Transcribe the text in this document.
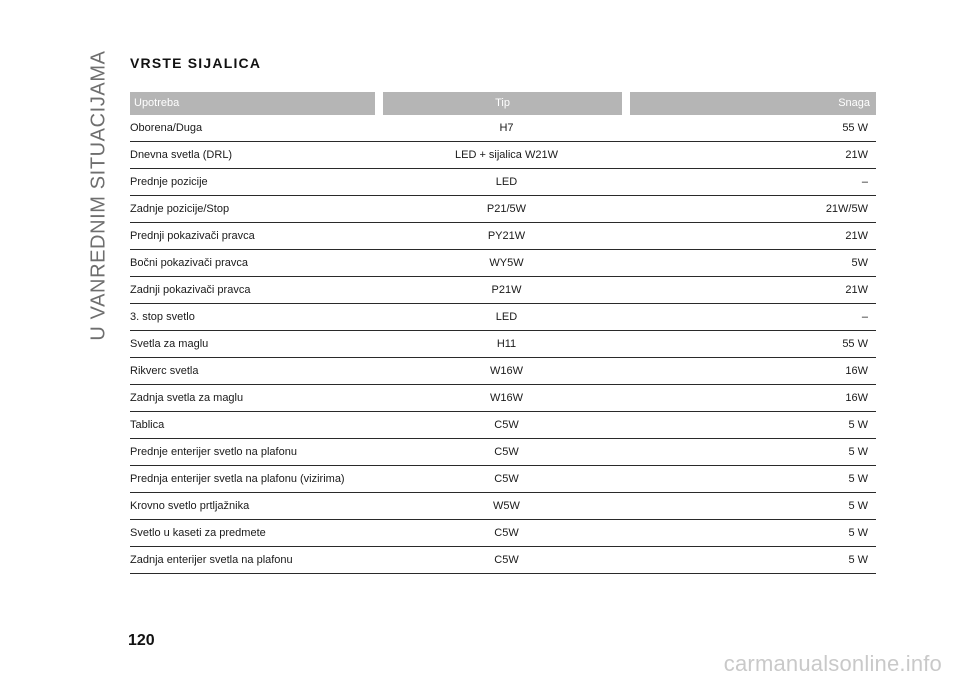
U VANREDNIM SITUACIJAMA VRSTE SIJALICA
Upotreba	Tip	Snaga
Oborena/Duga	H7	55 W
Dnevna svetla (DRL)	LED + sijalica W21W	21W
Prednje pozicije	LED	–
Zadnje pozicije/Stop	P21/5W	21W/5W
Prednji pokazivači pravca	PY21W	21W
Bočni pokazivači pravca	WY5W	5W
Zadnji pokazivači pravca	P21W	21W
3. stop svetlo	LED	–
Svetla za maglu	H11	55 W
Rikverc svetla	W16W	16W
Zadnja svetla za maglu	W16W	16W
Tablica	C5W	5 W
Prednje enterijer svetlo na plafonu	C5W	5 W
Prednja enterijer svetla na plafonu (vizirima)	C5W	5 W
Krovno svetlo prtljažnika	W5W	5 W
Svetlo u kaseti za predmete	C5W	5 W
Zadnja enterijer svetla na plafonu	C5W	5 W
120
carmanualsonline.info
